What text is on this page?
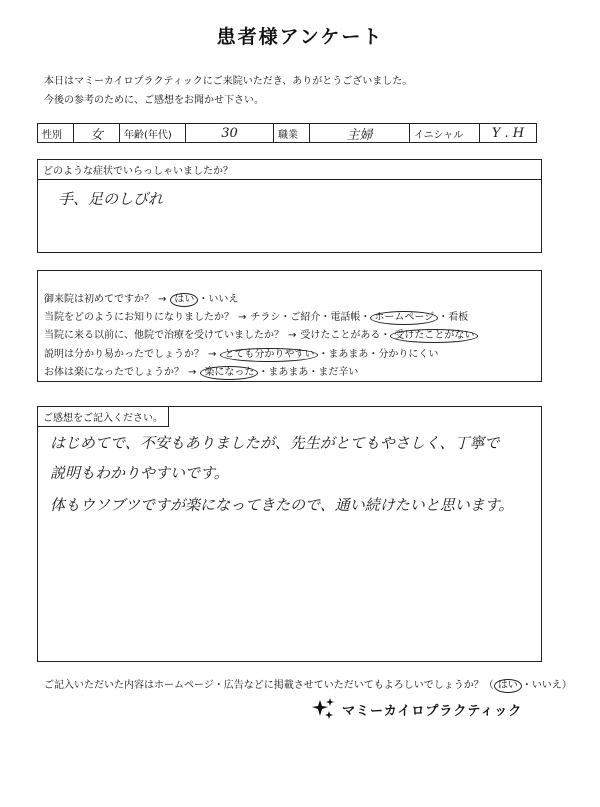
患者様アンケート
本日はマミーカイロプラクティックにご来院いただき、ありがとうございました。
今後の参考のために、ご感想をお聞かせ下さい。
性別	女	年齢(年代)	30	職業	主婦	イニシャル	Y . H
どのような症状でいらっしゃいましたか？
手、足のしびれ
御来院は初めてですか？ → はい ・いいえ
当院をどのようにお知りになりましたか？ → チラシ・ご紹介・電話帳・ ホームページ ・看板
当院に来る以前に、他院で治療を受けていましたか？ → 受けたことがある・ 受けたことがない
説明は分かり易かったでしょうか？ → とても分かりやすい ・まあまあ・分かりにくい
お体は楽になったでしょうか？ → 楽になった ・まあまあ・まだ辛い
ご感想をご記入ください。
はじめてで、不安もありましたが、先生がとてもやさしく、丁寧で
説明もわかりやすいです。
体もウソブツですが楽になってきたので、通い続けたいと思います。
ご記入いただいた内容はホームページ・広告などに掲載させていただいてもよろしいでしょうか？（ はい ・いいえ）
マミーカイロプラクティック
